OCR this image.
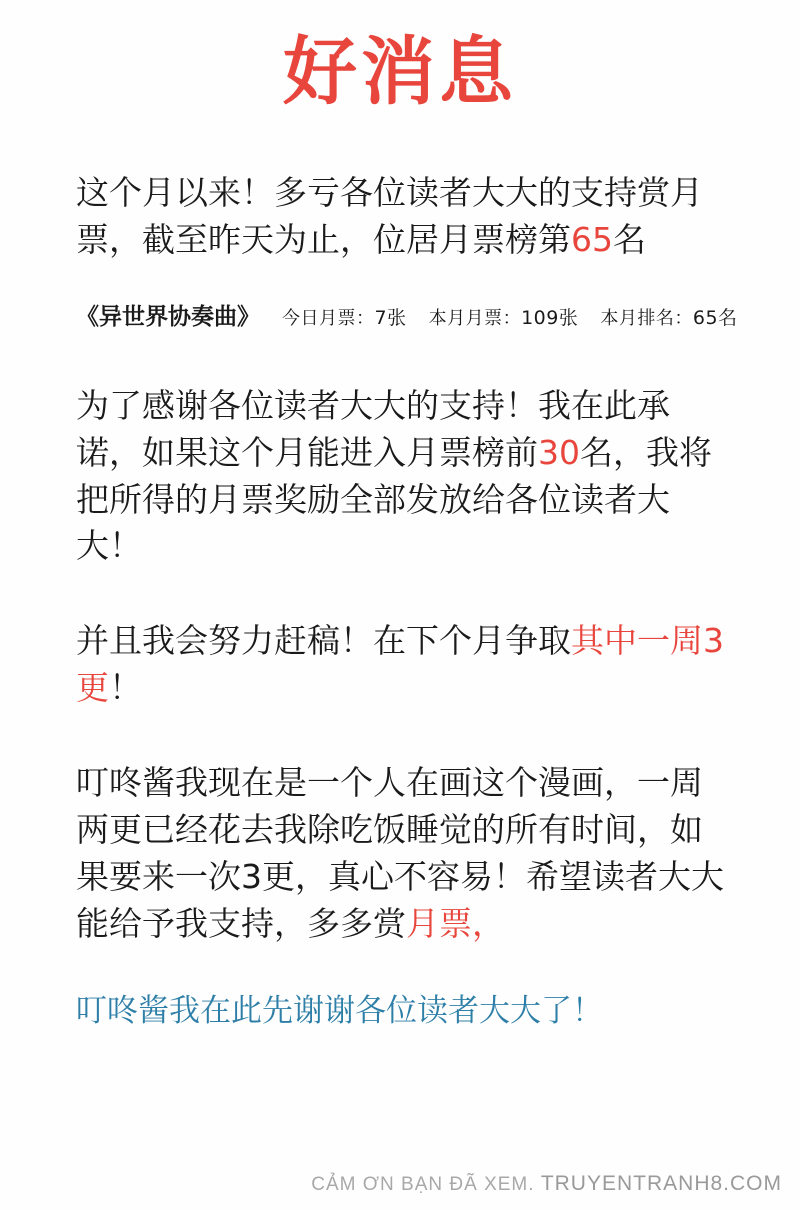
好消息

这个月以来！多亏各位读者大大的支持赏月票，截至昨天为止，位居月票榜第65名

《异世界协奏曲》 今日月票：7张 本月月票：109张 本月排名：65名

为了感谢各位读者大大的支持！我在此承诺，如果这个月能进入月票榜前30名，我将把所得的月票奖励全部发放给各位读者大大！

并且我会努力赶稿！在下个月争取其中一周3更！

叮咚酱我现在是一个人在画这个漫画，一周两更已经花去我除吃饭睡觉的所有时间，如果要来一次3更，真心不容易！希望读者大大能给予我支持，多多赏月票，

叮咚酱我在此先谢谢各位读者大大了！

CẢM ƠN BẠN ĐÃ XEM. TRUYENTRANH8.COM
